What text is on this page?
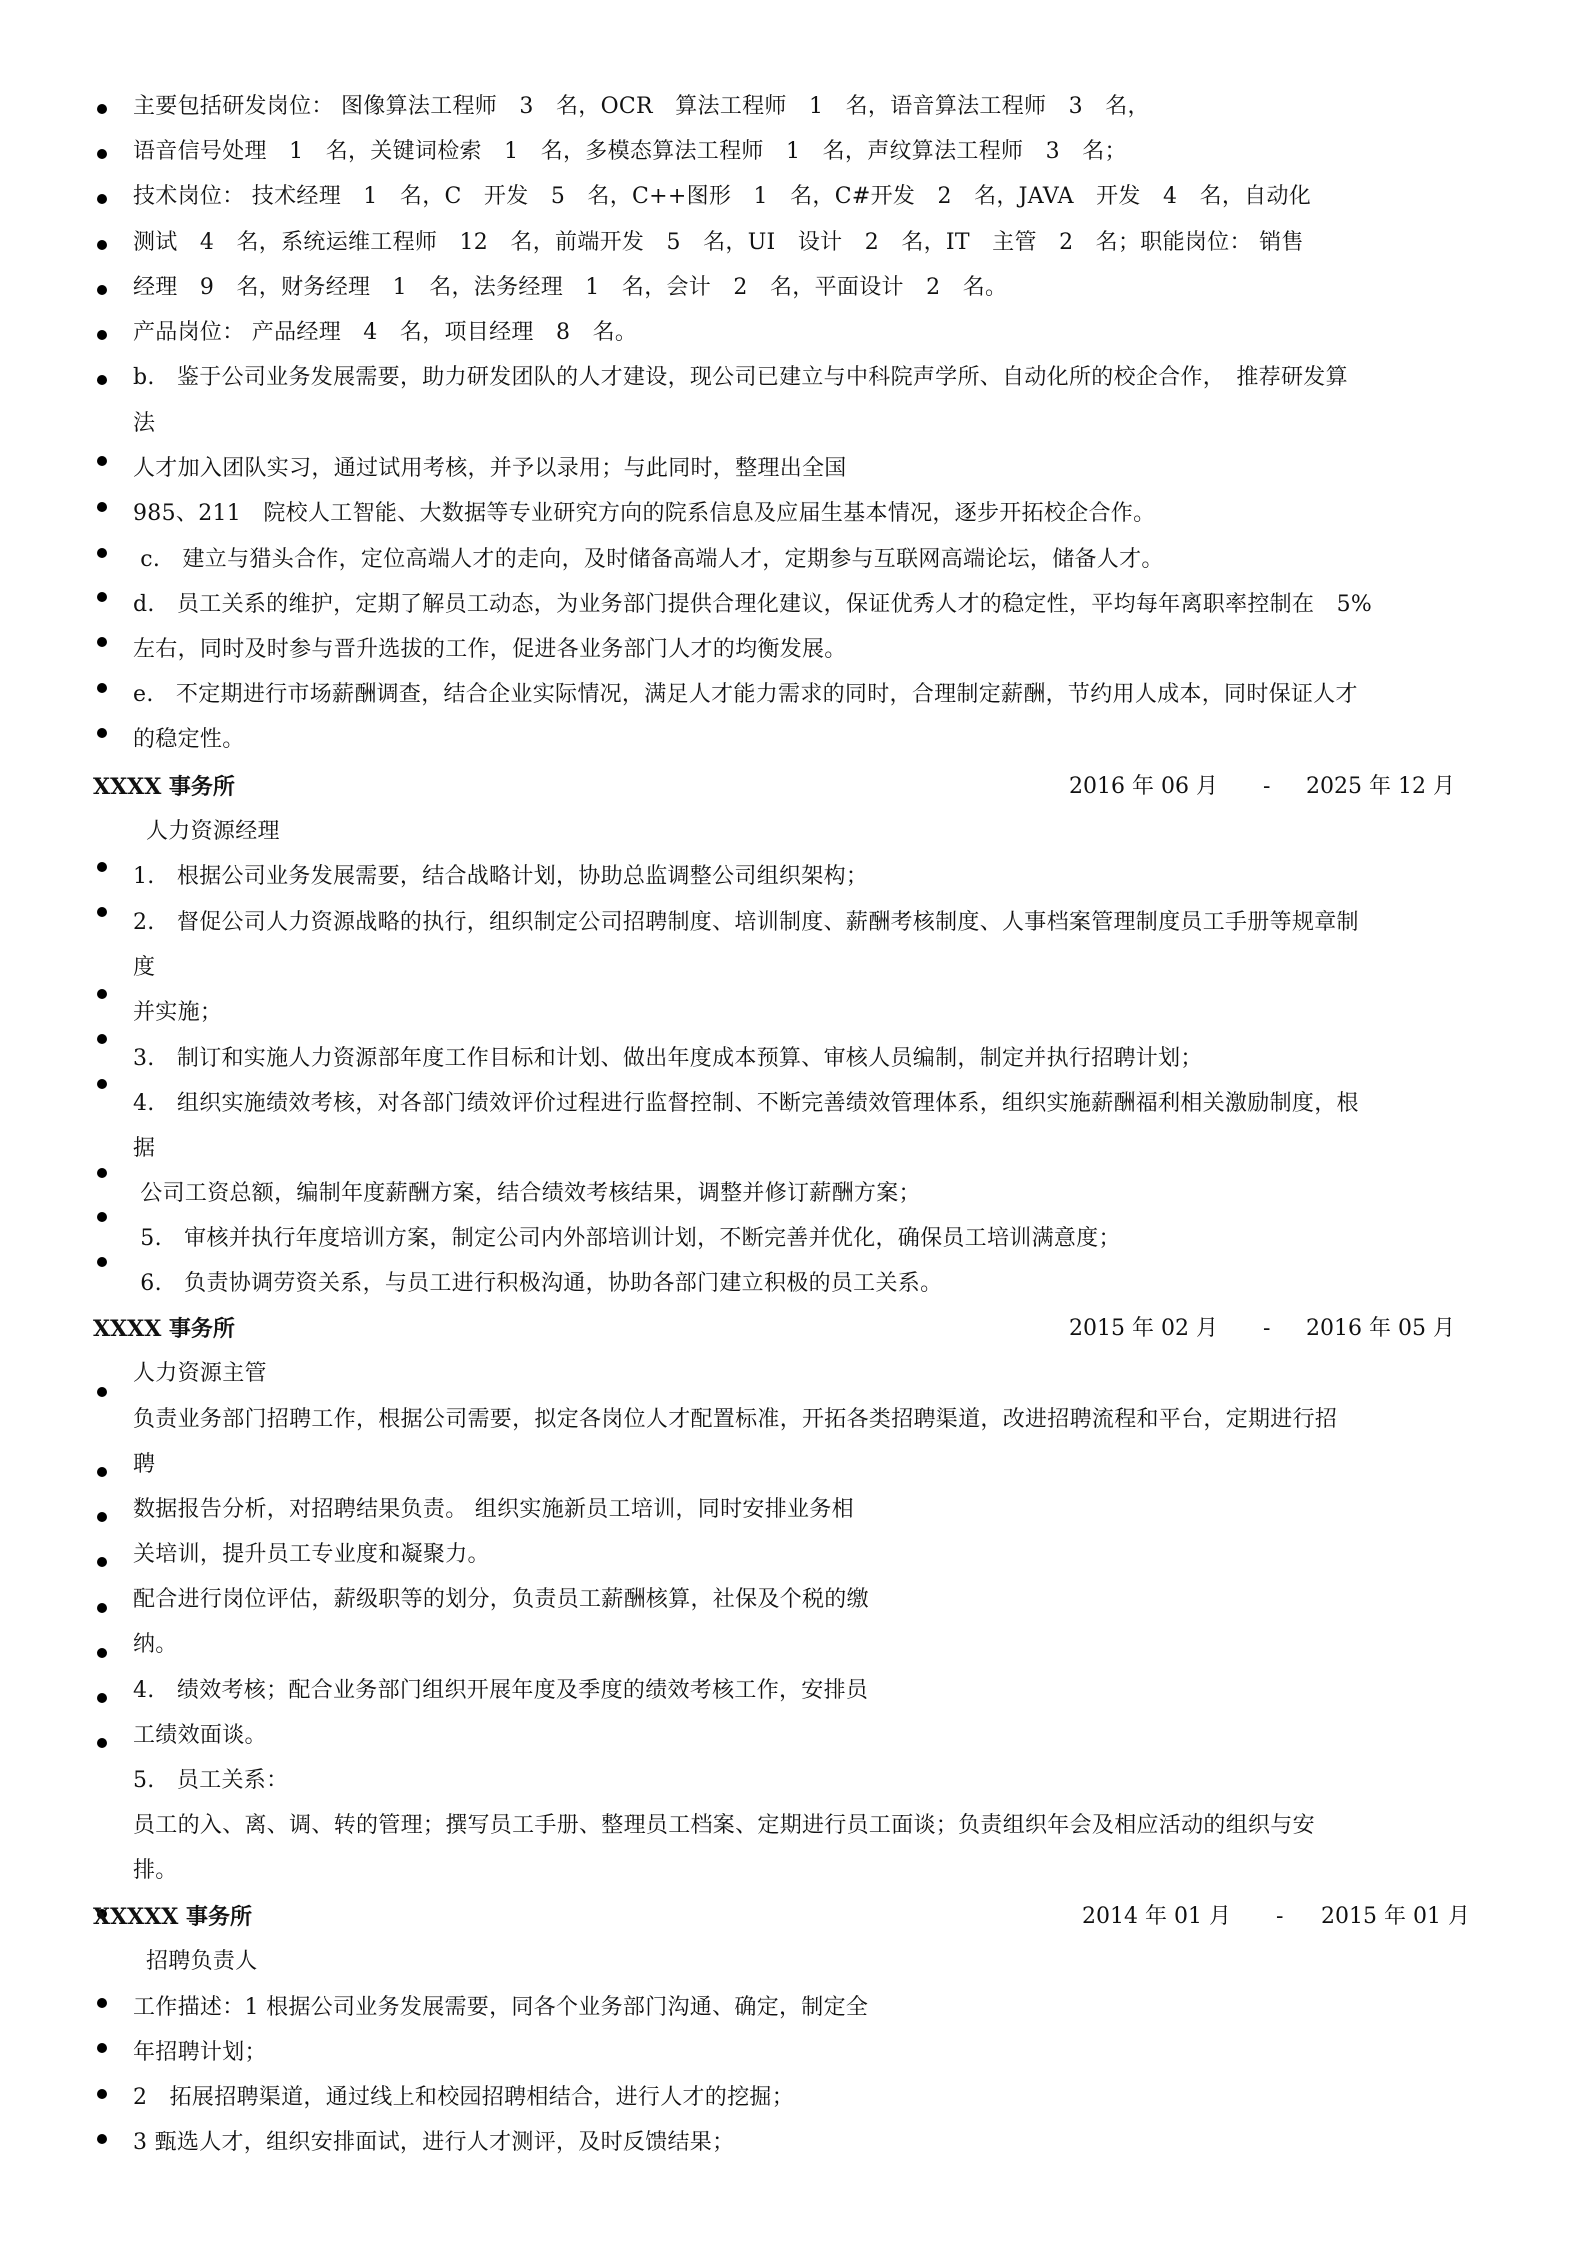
主要包括研发岗位： 图像算法工程师　3　名，OCR　算法工程师　1　名，语音算法工程师　3　名，
语音信号处理　1　名，关键词检索　1　名，多模态算法工程师　1　名，声纹算法工程师　3　名；
技术岗位： 技术经理　1　名，C　开发　5　名，C++图形　1　名，C#开发　2　名，JAVA　开发　4　名，自动化
测试　4　名，系统运维工程师　12　名，前端开发　5　名，UI　设计　2　名，IT　主管　2　名；职能岗位： 销售
经理　9　名，财务经理　1　名，法务经理　1　名，会计　2　名，平面设计　2　名。
产品岗位： 产品经理　4　名，项目经理　8　名。
b.　鉴于公司业务发展需要，助力研发团队的人才建设，现公司已建立与中科院声学所、自动化所的校企合作，　推荐研发算
法
人才加入团队实习，通过试用考核，并予以录用；与此同时，整理出全国
985、211　院校人工智能、大数据等专业研究方向的院系信息及应届生基本情况，逐步开拓校企合作。
c.　建立与猎头合作，定位高端人才的走向，及时储备高端人才，定期参与互联网高端论坛，储备人才。
d.　员工关系的维护，定期了解员工动态，为业务部门提供合理化建议，保证优秀人才的稳定性，平均每年离职率控制在　5%
左右，同时及时参与晋升选拔的工作，促进各业务部门人才的均衡发展。
e.　不定期进行市场薪酬调查，结合企业实际情况，满足人才能力需求的同时，合理制定薪酬，节约用人成本，同时保证人才
的稳定性。
XXXX 事务所	2016 年 06 月 - 2025 年 12 月
人力资源经理
1.　根据公司业务发展需要，结合战略计划，协助总监调整公司组织架构；
2.　督促公司人力资源战略的执行，组织制定公司招聘制度、培训制度、薪酬考核制度、人事档案管理制度员工手册等规章制
度
并实施；
3.　制订和实施人力资源部年度工作目标和计划、做出年度成本预算、审核人员编制，制定并执行招聘计划；
4.　组织实施绩效考核，对各部门绩效评价过程进行监督控制、不断完善绩效管理体系，组织实施薪酬福利相关激励制度，根
据
公司工资总额，编制年度薪酬方案，结合绩效考核结果，调整并修订薪酬方案；
5.　审核并执行年度培训方案，制定公司内外部培训计划，不断完善并优化，确保员工培训满意度；
6.　负责协调劳资关系，与员工进行积极沟通，协助各部门建立积极的员工关系。
XXXX 事务所	2015 年 02 月 - 2016 年 05 月
人力资源主管
负责业务部门招聘工作，根据公司需要，拟定各岗位人才配置标准，开拓各类招聘渠道，改进招聘流程和平台，定期进行招
聘
数据报告分析，对招聘结果负责。 组织实施新员工培训，同时安排业务相
关培训，提升员工专业度和凝聚力。
配合进行岗位评估，薪级职等的划分，负责员工薪酬核算，社保及个税的缴
纳。
4.　绩效考核；配合业务部门组织开展年度及季度的绩效考核工作，安排员
工绩效面谈。
5.　员工关系：
员工的入、离、调、转的管理；撰写员工手册、整理员工档案、定期进行员工面谈；负责组织年会及相应活动的组织与安
排。
XXXXX 事务所	2014 年 01 月 - 2015 年 01 月
招聘负责人
工作描述：1 根据公司业务发展需要，同各个业务部门沟通、确定，制定全
年招聘计划；
2　拓展招聘渠道，通过线上和校园招聘相结合，进行人才的挖掘；
3 甄选人才，组织安排面试，进行人才测评，及时反馈结果；
